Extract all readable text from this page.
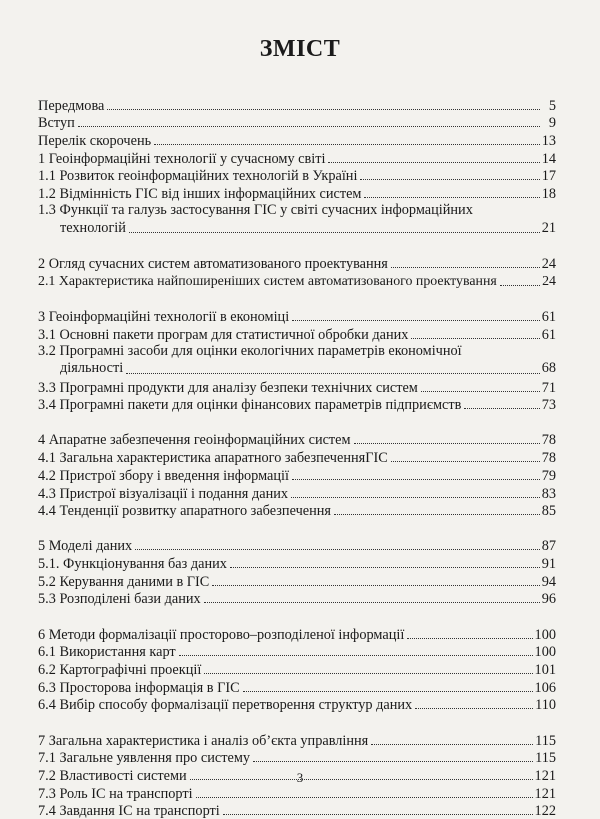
ЗМІСТ
Передмова	5
Вступ	9
Перелік скорочень	13
1 Геоінформаційні технології у сучасному світі	14
1.1 Розвиток геоінформаційних технологій в Україні	17
1.2 Відмінність ГІС від інших інформаційних систем	18
1.3 Функції та галузь застосування ГІС у світі сучасних інформаційних
технологій	21
2 Огляд сучасних систем автоматизованого проектування	24
2.1 Характеристика найпоширеніших систем автоматизованого проектування	24
3 Геоінформаційні технології в економіці	61
3.1 Основні пакети програм для статистичної обробки даних	61
3.2 Програмні засоби для оцінки екологічних параметрів економічної
діяльності	68
3.3 Програмні продукти для аналізу безпеки технічних систем	71
3.4 Програмні пакети для оцінки фінансових параметрів підприємств	73
4 Апаратне забезпечення геоінформаційних систем	78
4.1 Загальна характеристика апаратного забезпеченняГІС	78
4.2 Пристрої збору і введення інформації	79
4.3 Пристрої візуалізації і подання даних	83
4.4 Тенденції розвитку апаратного забезпечення	85
5 Моделі даних	87
5.1. Функціонування баз даних	91
5.2 Керування даними в ГІС	94
5.3 Розподілені бази даних	96
6 Методи формалізації просторово–розподіленої інформації	100
6.1 Використання карт	100
6.2 Картографічні проекції	101
6.3 Просторова інформація в ГІС	106
6.4 Вибір способу формалізації перетворення структур даних	110
7 Загальна характеристика і аналіз об’єкта управління	115
7.1 Загальне уявлення про систему	115
7.2 Властивості системи	121
7.3 Роль ІС на транспорті	121
7.4 Завдання ІС на транспорті	122
3
